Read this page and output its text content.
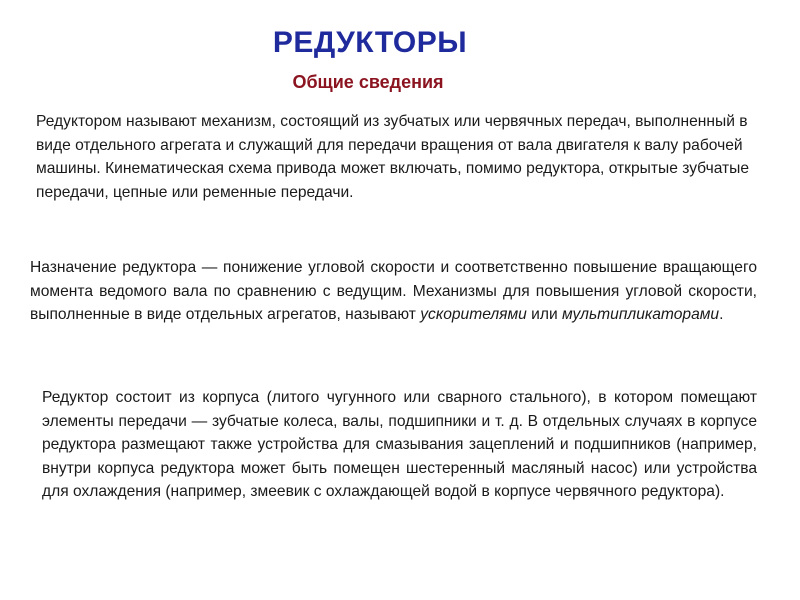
РЕДУКТОРЫ
Общие сведения

Редуктором называют механизм, состоящий из зубчатых или червячных передач, выполненный в виде отдельного агрегата и служащий для передачи вращения от вала двигателя к валу рабочей машины. Кинематическая схема привода может включать, помимо редуктора, открытые зубчатые передачи, цепные или ременные передачи.

Назначение редуктора — понижение угловой скорости и соответственно повышение вращающего момента ведомого вала по сравнению с ведущим. Механизмы для повышения угловой скорости, выполненные в виде отдельных агрегатов, называют ускорителями или мультипликаторами.

Редуктор состоит из корпуса (литого чугунного или сварного стального), в котором помещают элементы передачи — зубчатые колеса, валы, подшипники и т. д. В отдельных случаях в корпусе редуктора размещают также устройства для смазывания зацеплений и подшипников (например, внутри корпуса редуктора может быть помещен шестеренный масляный насос) или устройства для охлаждения (например, змеевик с охлаждающей водой в корпусе червячного редуктора).
